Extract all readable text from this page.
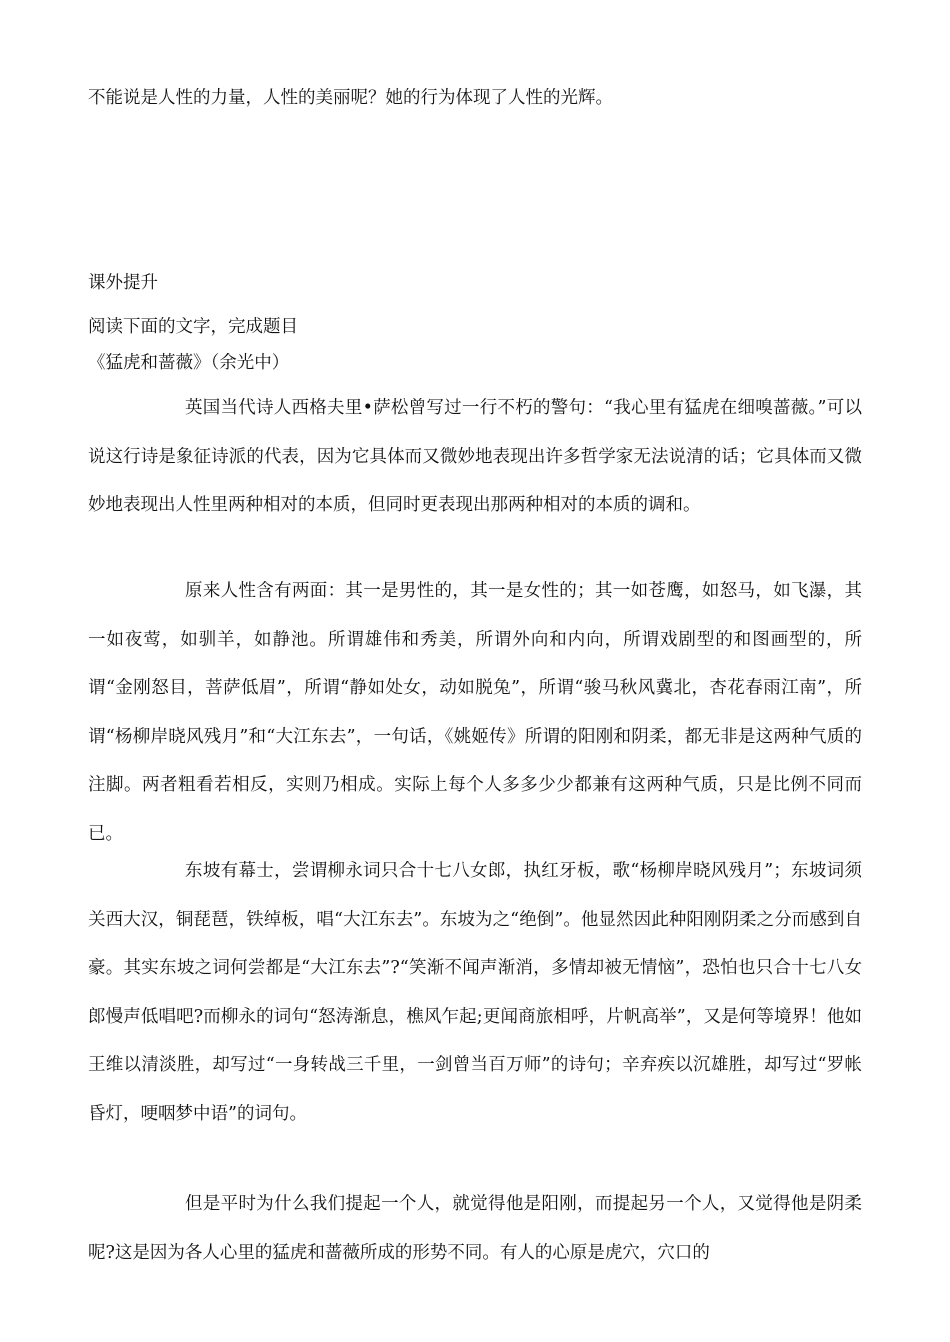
不能说是人性的力量，人性的美丽呢？她的行为体现了人性的光辉。
课外提升
阅读下面的文字，完成题目
《猛虎和蔷薇》（余光中）

英国当代诗人西格夫里•萨松曾写过一行不朽的警句：“我心里有猛虎在细嗅蔷薇。”可以说这行诗是象征诗派的代表，因为它具体而又微妙地表现出许多哲学家无法说清的话；它具体而又微妙地表现出人性里两种相对的本质，但同时更表现出那两种相对的本质的调和。

原来人性含有两面：其一是男性的，其一是女性的；其一如苍鹰，如怒马，如飞瀑，其一如夜莺，如驯羊，如静池。所谓雄伟和秀美，所谓外向和内向，所谓戏剧型的和图画型的，所谓“金刚怒目，菩萨低眉”，所谓“静如处女，动如脱兔”，所谓“骏马秋风冀北，杏花春雨江南”，所谓“杨柳岸晓风残月”和“大江东去”，一句话，《姚姬传》所谓的阳刚和阴柔，都无非是这两种气质的注脚。两者粗看若相反，实则乃相成。实际上每个人多多少少都兼有这两种气质，只是比例不同而已。

东坡有幕士，尝谓柳永词只合十七八女郎，执红牙板，歌“杨柳岸晓风残月”；东坡词须关西大汉，铜琵琶，铁绰板，唱“大江东去”。东坡为之“绝倒”。他显然因此种阳刚阴柔之分而感到自豪。其实东坡之词何尝都是“大江东去”?“笑渐不闻声渐消，多情却被无情恼”，恐怕也只合十七八女郎慢声低唱吧?而柳永的词句“怒涛渐息，樵风乍起;更闻商旅相呼，片帆高举”，又是何等境界！他如王维以清淡胜，却写过“一身转战三千里，一剑曾当百万师”的诗句；辛弃疾以沉雄胜，却写过“罗帐昏灯，哽咽梦中语”的词句。

但是平时为什么我们提起一个人，就觉得他是阳刚，而提起另一个人，又觉得他是阴柔呢?这是因为各人心里的猛虎和蔷薇所成的形势不同。有人的心原是虎穴，穴口的
